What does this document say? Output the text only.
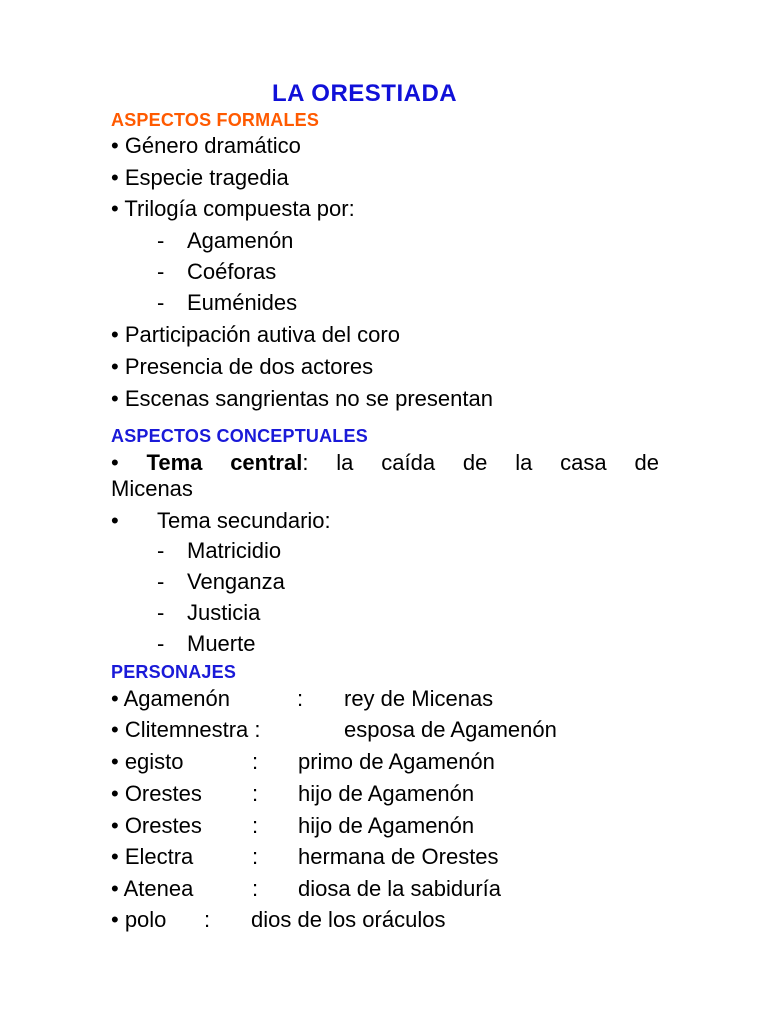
LA ORESTIADA
ASPECTOS FORMALES
• Género dramático
• Especie tragedia
• Trilogía compuesta por:
- Agamenón
- Coéforas
- Euménides
• Participación autiva del coro
• Presencia de dos actores
• Escenas sangrientas no se presentan
ASPECTOS CONCEPTUALES
• Tema central: la caída de la casa de
Micenas
• Tema secundario:
- Matricidio
- Venganza
- Justicia
- Muerte
PERSONAJES
• Agamenón	: rey de Micenas
• Clitemnestra :	esposa de Agamenón
• egisto	: primo de Agamenón
• Orestes : hijo de Agamenón
• Orestes : hijo de Agamenón
• Electra	: hermana de Orestes
• Atenea	: diosa de la sabiduría
• polo : dios de los oráculos
